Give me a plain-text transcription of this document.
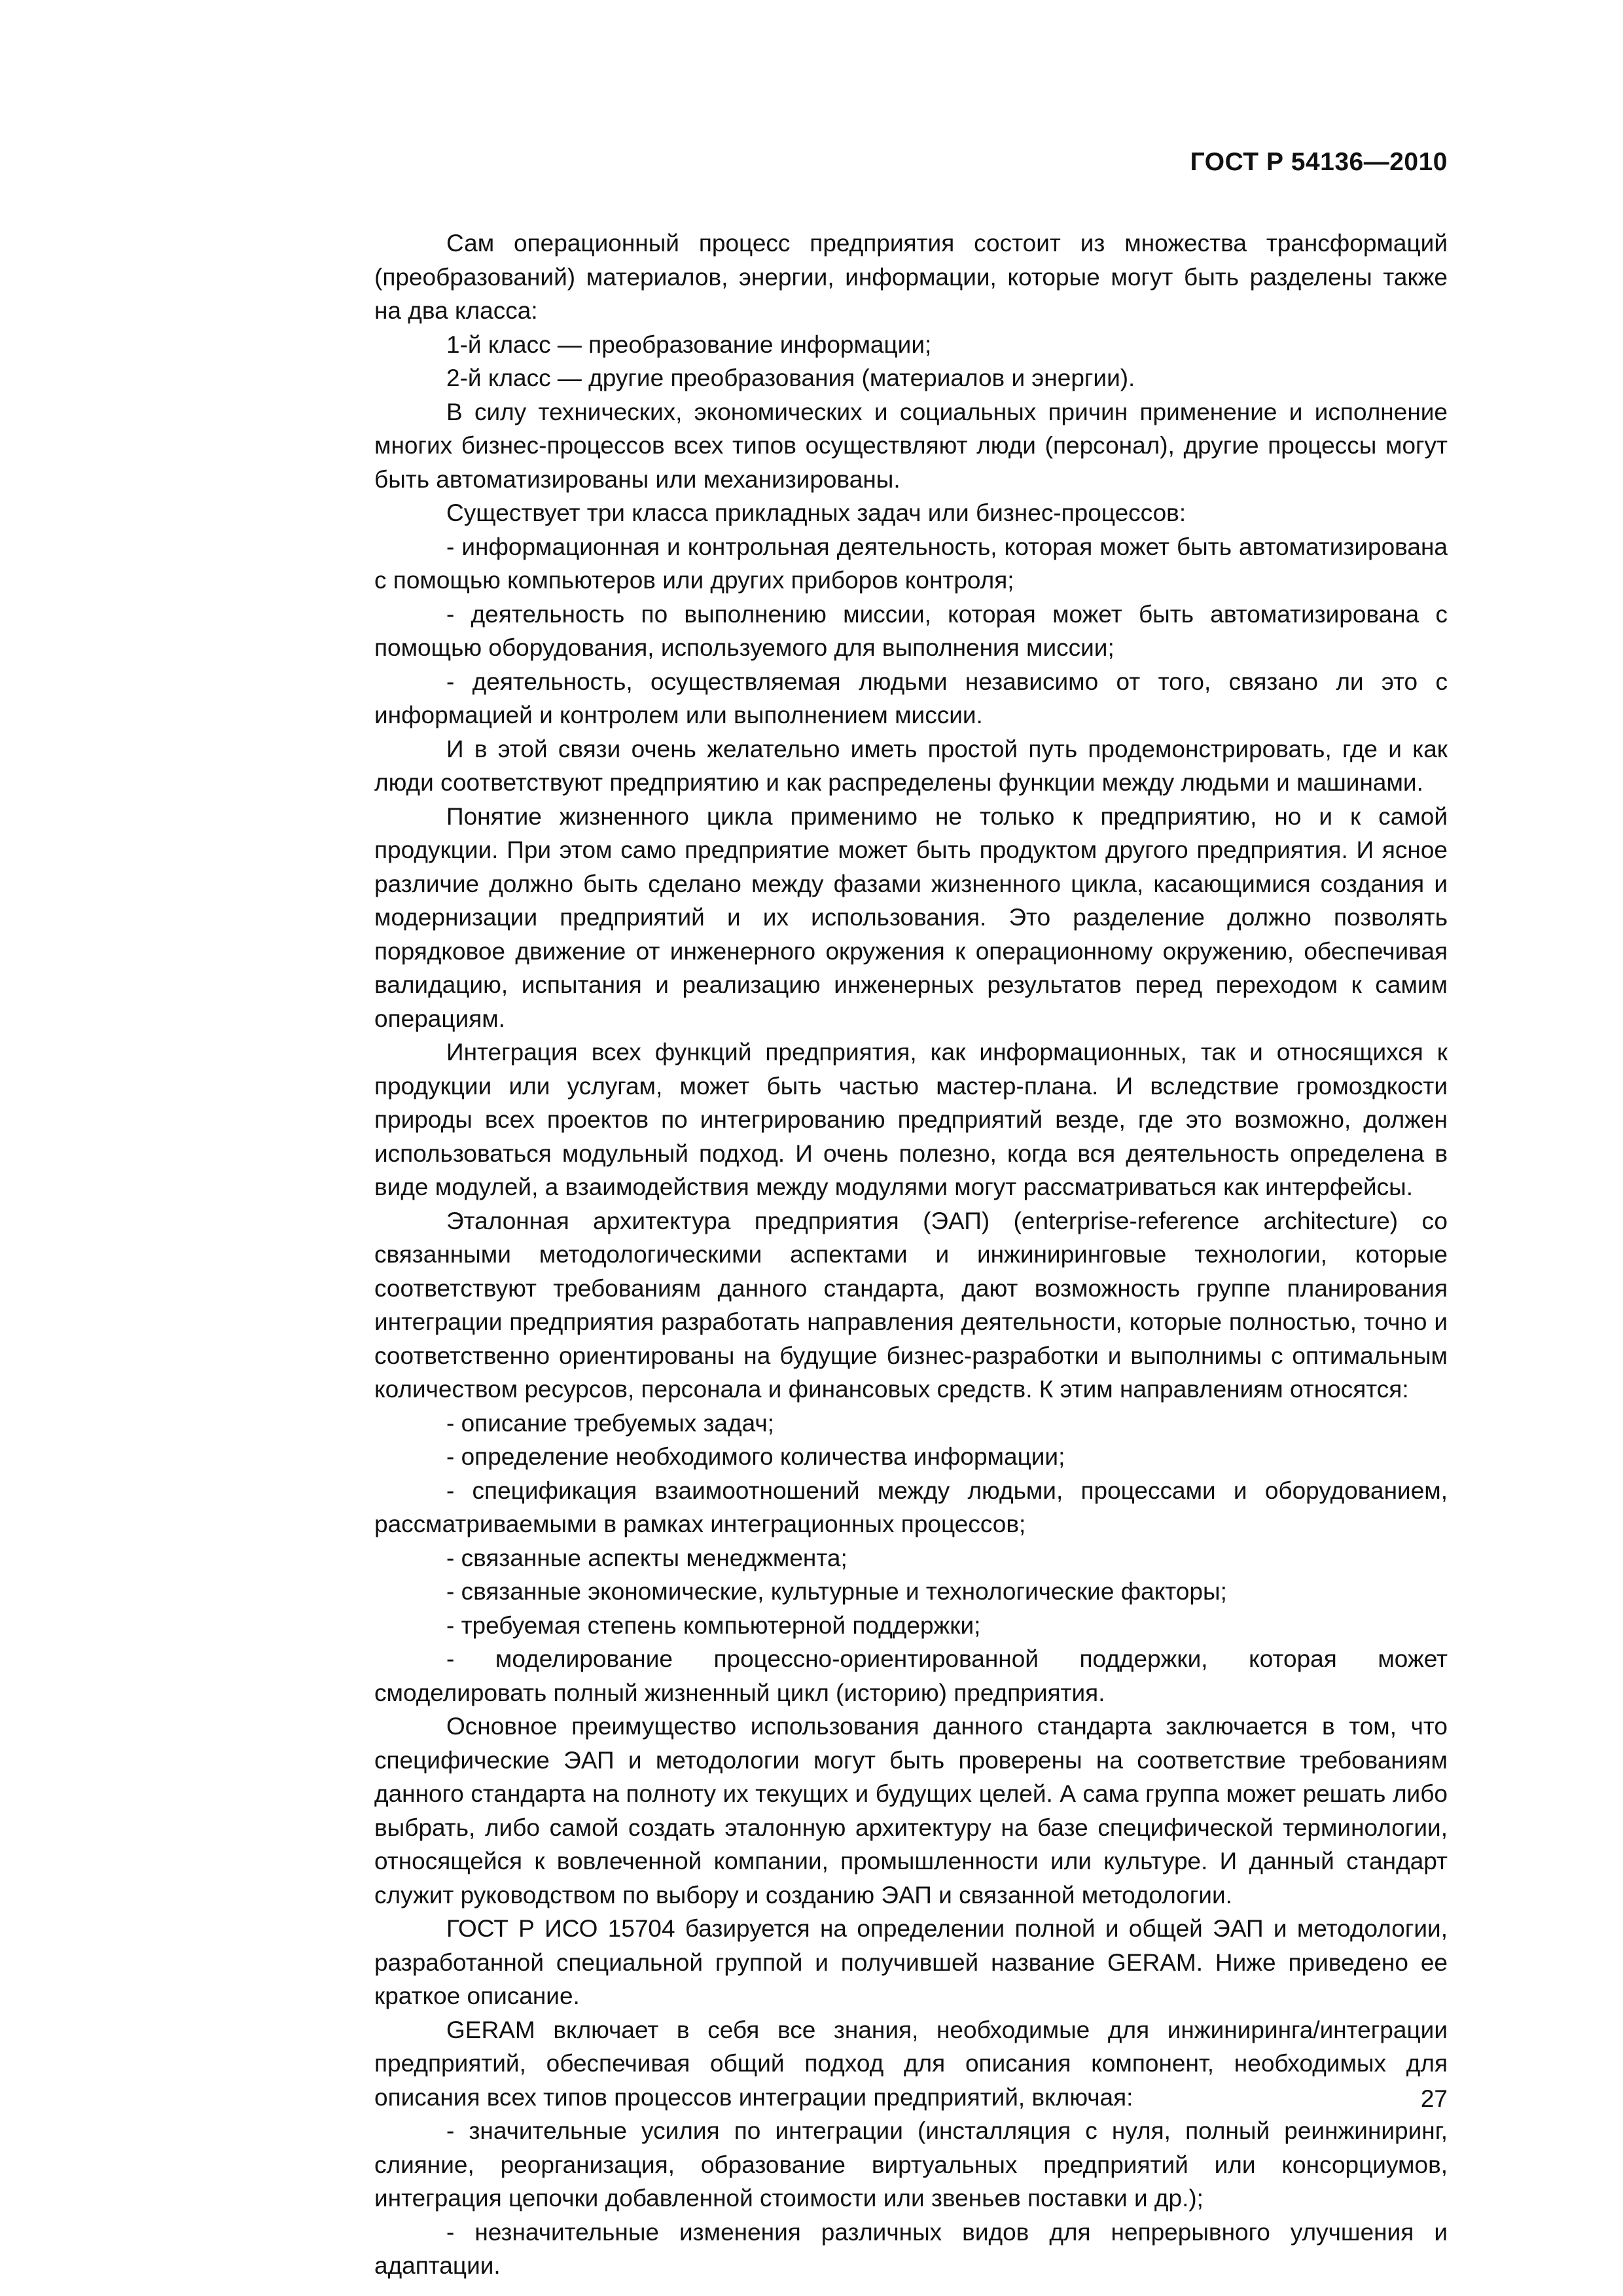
ГОСТ Р 54136—2010

Сам операционный процесс предприятия состоит из множества трансформаций (преобразований) материалов, энергии, информации, которые могут быть разделены также на два класса:

1-й класс — преобразование информации;

2-й класс — другие преобразования (материалов и энергии).

В силу технических, экономических и социальных причин применение и исполнение многих бизнес-процессов всех типов осуществляют люди (персонал), другие процессы могут быть автоматизированы или механизированы.

Существует три класса прикладных задач или бизнес-процессов:

- информационная и контрольная деятельность, которая может быть автоматизирована с помощью компьютеров или других приборов контроля;

- деятельность по выполнению миссии, которая может быть автоматизирована с помощью оборудования, используемого для выполнения миссии;

- деятельность, осуществляемая людьми независимо от того, связано ли это с информацией и контролем или выполнением миссии.

И в этой связи очень желательно иметь простой путь продемонстрировать, где и как люди соответствуют предприятию и как распределены функции между людьми и машинами.

Понятие жизненного цикла применимо не только к предприятию, но и к самой продукции. При этом само предприятие может быть продуктом другого предприятия. И ясное различие должно быть сделано между фазами жизненного цикла, касающимися создания и модернизации предприятий и их использования. Это разделение должно позволять порядковое движение от инженерного окружения к операционному окружению, обеспечивая валидацию, испытания и реализацию инженерных результатов перед переходом к самим операциям.

Интеграция всех функций предприятия, как информационных, так и относящихся к продукции или услугам, может быть частью мастер-плана. И вследствие громоздкости природы всех проектов по интегрированию предприятий везде, где это возможно, должен использоваться модульный подход. И очень полезно, когда вся деятельность определена в виде модулей, а взаимодействия между модулями могут рассматриваться как интерфейсы.

Эталонная архитектура предприятия (ЭАП) (enterprise-reference architecture) со связанными методологическими аспектами и инжиниринговые технологии, которые соответствуют требованиям данного стандарта, дают возможность группе планирования интеграции предприятия разработать направления деятельности, которые полностью, точно и соответственно ориентированы на будущие бизнес-разработки и выполнимы с оптимальным количеством ресурсов, персонала и финансовых средств. К этим направлениям относятся:

- описание требуемых задач;

- определение необходимого количества информации;

- спецификация взаимоотношений между людьми, процессами и оборудованием, рассматриваемыми в рамках интеграционных процессов;

- связанные аспекты менеджмента;

- связанные экономические, культурные и технологические факторы;

- требуемая степень компьютерной поддержки;

- моделирование процессно-ориентированной поддержки, которая может смоделировать полный жизненный цикл (историю) предприятия.

Основное преимущество использования данного стандарта заключается в том, что специфические ЭАП и методологии могут быть проверены на соответствие требованиям данного стандарта на полноту их текущих и будущих целей. А сама группа может решать либо выбрать, либо самой создать эталонную архитектуру на базе специфической терминологии, относящейся к вовлеченной компании, промышленности или культуре. И данный стандарт служит руководством по выбору и созданию ЭАП и связанной методологии.

ГОСТ Р ИСО 15704 базируется на определении полной и общей ЭАП и методологии, разработанной специальной группой и получившей название GERAM. Ниже приведено ее краткое описание.

GERAM включает в себя все знания, необходимые для инжиниринга/интеграции предприятий, обеспечивая общий подход для описания компонент, необходимых для описания всех типов процессов интеграции предприятий, включая:

- значительные усилия по интеграции (инсталляция с нуля, полный реинжиниринг, слияние, реорганизация, образование виртуальных предприятий или консорциумов, интеграция цепочки добавленной стоимости или звеньев поставки и др.);

- незначительные изменения различных видов для непрерывного улучшения и адаптации.

27
